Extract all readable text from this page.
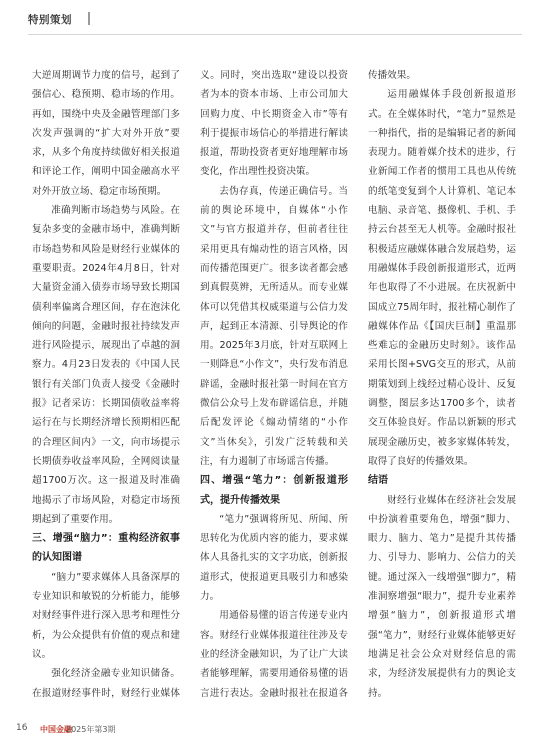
特别策划

大逆周期调节力度的信号，起到了强信心、稳预期、稳市场的作用。再如，围绕中央及金融管理部门多次发声强调的“扩大对外开放”要求，从多个角度持续做好相关报道和评论工作，阐明中国金融高水平对外开放立场、稳定市场预期。

准确判断市场趋势与风险。在复杂多变的金融市场中，准确判断市场趋势和风险是财经行业媒体的重要职责。2024年4月8日，针对大量资金涌入债券市场导致长期国债利率偏离合理区间，存在泡沫化倾向的问题，金融时报社持续发声进行风险提示，展现出了卓越的洞察力。4月23日发表的《中国人民银行有关部门负责人接受《金融时报》记者采访：长期国债收益率将运行在与长期经济增长预期相匹配的合理区间内》一文，向市场提示长期债券收益率风险，全网阅读量超1700万次。这一报道及时准确地揭示了市场风险，对稳定市场预期起到了重要作用。

三、增强“脑力”：重构经济叙事的认知图谱

“脑力”要求媒体人具备深厚的专业知识和敏锐的分析能力，能够对财经事件进行深入思考和理性分析，为公众提供有价值的观点和建议。

强化经济金融专业知识储备。在报道财经事件时，财经行业媒体

义。同时，突出选取“建设以投资者为本的资本市场、上市公司加大回购力度、中长期资金入市”等有利于提振市场信心的举措进行解读报道，帮助投资者更好地理解市场变化，作出理性投资决策。

去伪存真，传递正确信号。当前的舆论环境中，自媒体“小作文”与官方报道并存，但前者往往采用更具有煽动性的语言风格，因而传播范围更广。很多读者都会感到真假莫辨，无所适从。而专业媒体可以凭借其权威渠道与公信力发声，起到正本清源、引导舆论的作用。2025年3月底，针对互联网上一则降息“小作文”，央行发布消息辟谣，金融时报社第一时间在官方微信公众号上发布辟谣信息，并随后配发评论《煽动情绪的“小作文”当休矣》，引发广泛转载和关注，有力遏制了市场谣言传播。

四、增强“笔力”：创新报道形式，提升传播效果

“笔力”强调将所见、所闻、所思转化为优质内容的能力，要求媒体人具备扎实的文字功底，创新报道形式，使报道更具吸引力和感染力。

用通俗易懂的语言传递专业内容。财经行业媒体报道往往涉及专业的经济金融知识，为了让广大读者能够理解，需要用通俗易懂的语言进行表达。金融时报社在报道各

传播效果。

运用融媒体手段创新报道形式。在全媒体时代，“笔力”显然是一种指代，指的是编辑记者的新闻表现力。随着媒介技术的进步，行业新闻工作者的惯用工具也从传统的纸笔变复到个人计算机、笔记本电脑、录音笔、摄像机、手机、手持云台甚至无人机等。金融时报社积极适应融媒体融合发展趋势，运用融媒体手段创新报道形式，近两年也取得了不小进展。在庆祝新中国成立75周年时，报社精心制作了融媒体作品《【国庆巨制】重温那些难忘的金融历史时刻》。该作品采用长图+SVG交互的形式，从前期策划到上线经过精心设计、反复调整，图层多达1700多个，读者交互体验良好。作品以新颖的形式展现金融历史，被多家媒体转发，取得了良好的传播效果。

结语

财经行业媒体在经济社会发展中扮演着重要角色，增强“脚力、眼力、脑力、笔力”是提升其传播力、引导力、影响力、公信力的关键。通过深入一线增强“脚力”，精准洞察增强“眼力”，提升专业素养增强“脑力”，创新报道形式增强“笔力”，财经行业媒体能够更好地满足社会公众对财经信息的需求，为经济发展提供有力的舆论支持。

16 中国金融
2025年第3期
